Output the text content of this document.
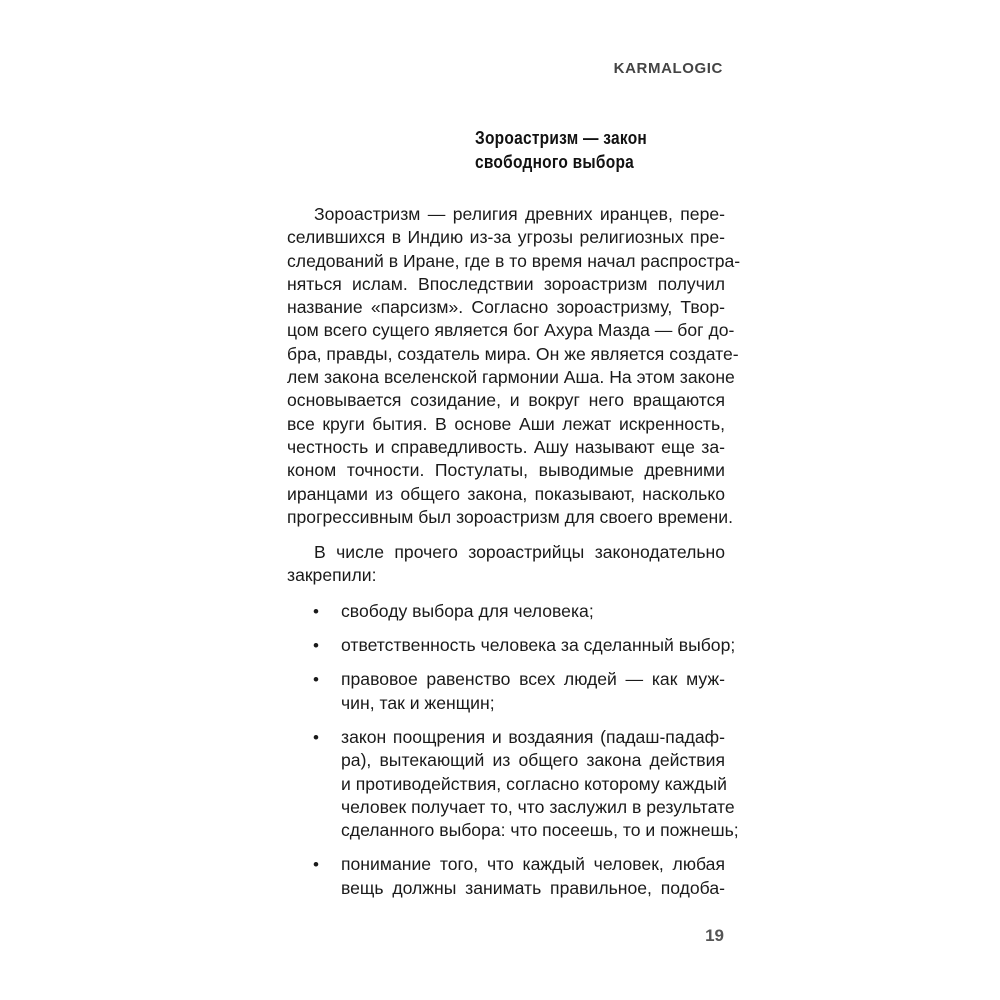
KARMALOGIC
Зороастризм — закон
свободного выбора
Зороастризм — религия древних иранцев, пере-
селившихся в Индию из-за угрозы религиозных пре-
следований в Иране, где в то время начал распростра-
няться ислам. Впоследствии зороастризм получил
название «парсизм». Согласно зороастризму, Твор-
цом всего сущего является бог Ахура Мазда — бог до-
бра, правды, создатель мира. Он же является создате-
лем закона вселенской гармонии Аша. На этом законе
основывается созидание, и вокруг него вращаются
все круги бытия. В основе Аши лежат искренность,
честность и справедливость. Ашу называют еще за-
коном точности. Постулаты, выводимые древними
иранцами из общего закона, показывают, насколько
прогрессивным был зороастризм для своего времени.
В числе прочего зороастрийцы законодательно
закрепили:
• свободу выбора для человека;
• ответственность человека за сделанный выбор;
• правовое равенство всех людей — как муж-
чин, так и женщин;
• закон поощрения и воздаяния (падаш-падаф-
ра), вытекающий из общего закона действия
и противодействия, согласно которому каждый
человек получает то, что заслужил в результате
сделанного выбора: что посеешь, то и пожнешь;
• понимание того, что каждый человек, любая
вещь должны занимать правильное, подоба-
19
